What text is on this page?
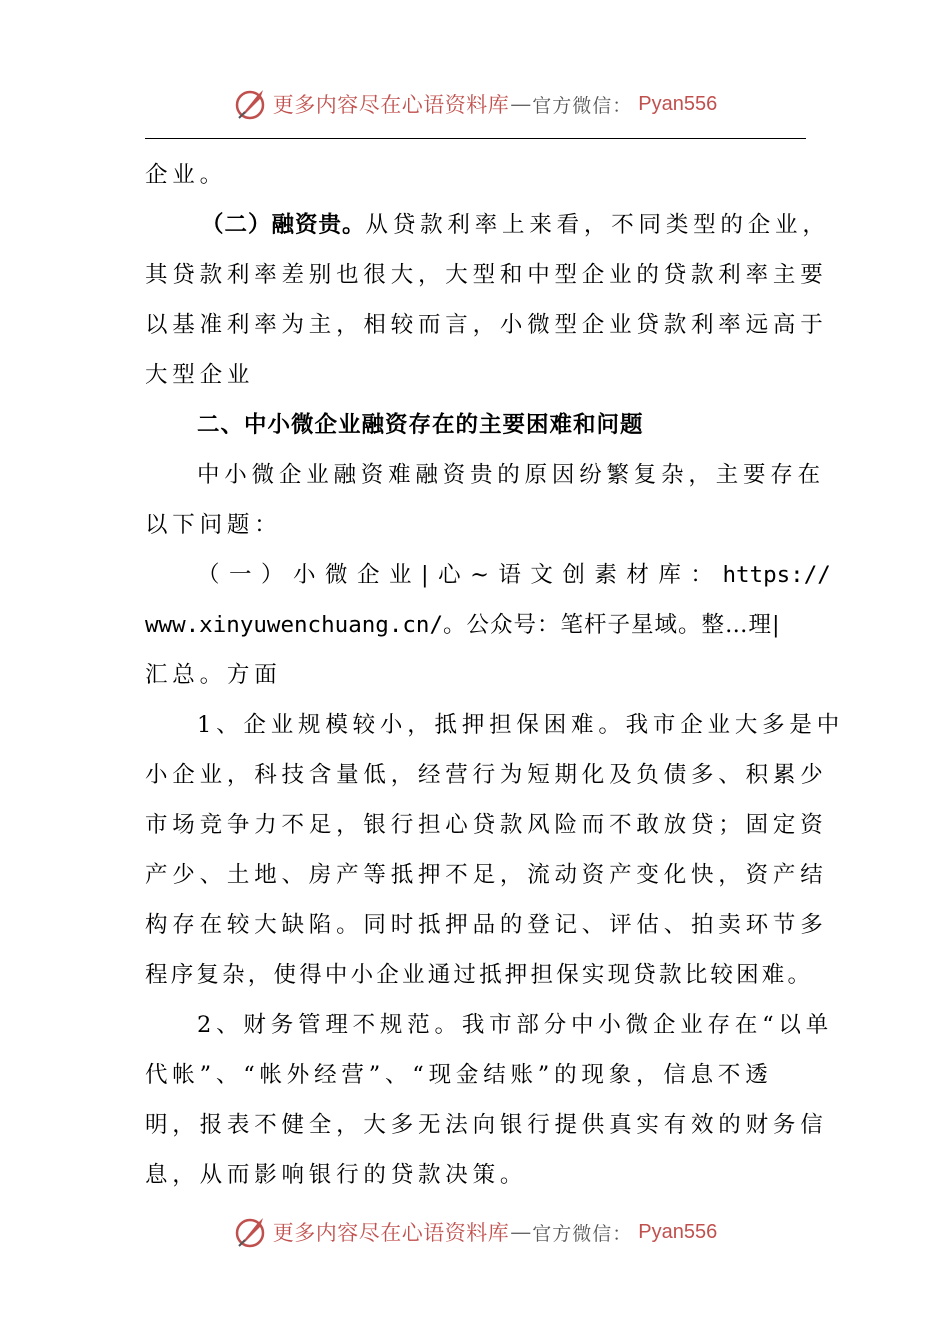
更多内容尽在心语资料库 — 官方微信： Pyan556
企业。
（二）融资贵。从贷款利率上来看，不同类型的企业，
其贷款利率差别也很大，大型和中型企业的贷款利率主要
以基准利率为主，相较而言，小微型企业贷款利率远高于
大型企业
二、中小微企业融资存在的主要困难和问题
中小微企业融资难融资贵的原因纷繁复杂，主要存在
以下问题：
（一）小微企业|心~语文创素材库：https://
www.xinyuwenchuang.cn/。公众号：笔杆子星域。整…理|
汇总。方面
1、企业规模较小，抵押担保困难。我市企业大多是中
小企业，科技含量低，经营行为短期化及负债多、积累少
市场竞争力不足，银行担心贷款风险而不敢放贷；固定资
产少、土地、房产等抵押不足，流动资产变化快，资产结
构存在较大缺陷。同时抵押品的登记、评估、拍卖环节多
程序复杂，使得中小企业通过抵押担保实现贷款比较困难。
2、财务管理不规范。我市部分中小微企业存在“以单
代帐”、“帐外经营”、“现金结账”的现象，信息不透
明，报表不健全，大多无法向银行提供真实有效的财务信
息，从而影响银行的贷款决策。
更多内容尽在心语资料库 — 官方微信： Pyan556
